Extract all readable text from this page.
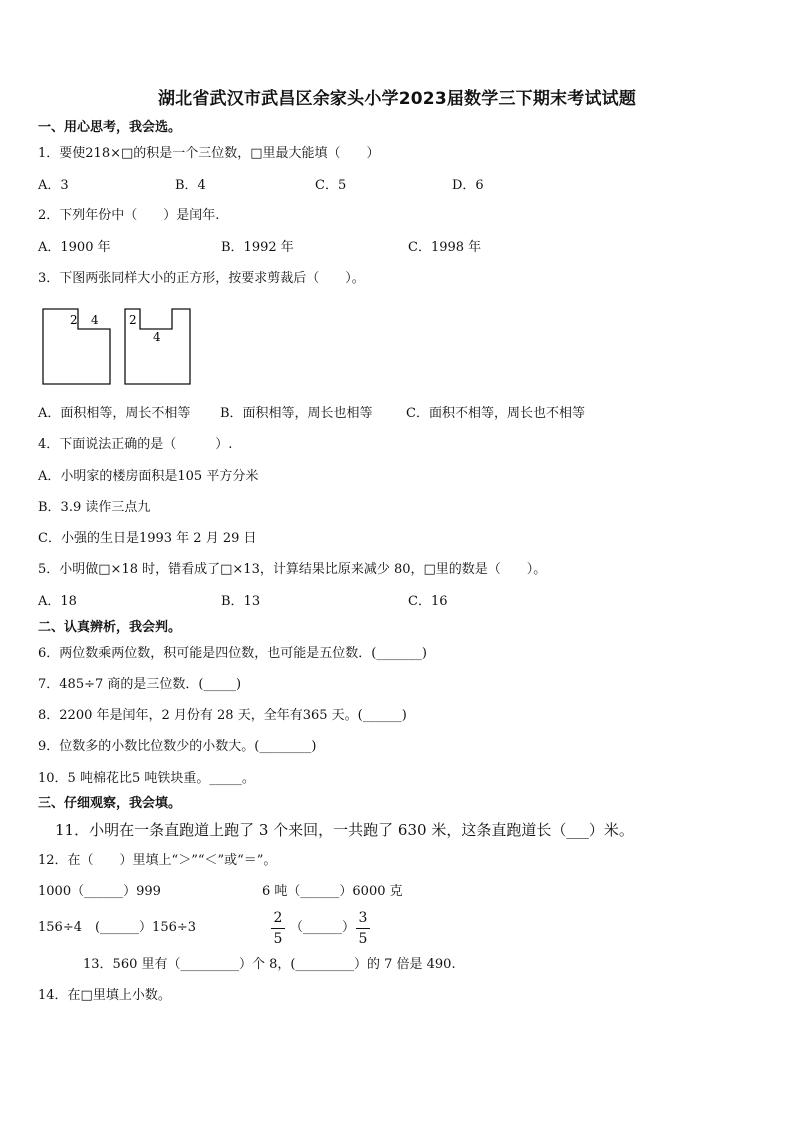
湖北省武汉市武昌区余家头小学2023届数学三下期末考试试题
一、用心思考，我会选。
1．要使218×□的积是一个三位数，□里最大能填（　　）
A．3	B．4	C．5	D．6
2．下列年份中（　　）是闰年.
A．1900 年	B．1992 年	C．1998 年
3．下图两张同样大小的正方形，按要求剪裁后（　　）。
2 4	2
4
A．面积相等，周长不相等 B．面积相等，周长也相等	C．面积不相等，周长也不相等
4．下面说法正确的是（　　　）.
A．小明家的楼房面积是105 平方分米
B．3.9 读作三点九
C．小强的生日是1993 年 2 月 29 日
5．小明做□×18 时，错看成了□×13，计算结果比原来减少 80，□里的数是（　　）。
A．18	B．13	C．16
二、认真辨析，我会判。
6．两位数乘两位数，积可能是四位数，也可能是五位数．(_______)
7．485÷7 商的是三位数．(_____)
8．2200 年是闰年，2 月份有 28 天，全年有365 天。(______)
9．位数多的小数比位数少的小数大。(________)
10．5 吨棉花比5 吨铁块重。_____。
三、仔细观察，我会填。
11．小明在一条直跑道上跑了 3 个来回，一共跑了 630 米，这条直跑道长（___）米。
12．在（　　）里填上“＞”“＜”或“＝”。
1000（______）999	6 吨（______）6000 克
156÷4　(______）156÷3
2
5
（______）
3
5
13．560 里有（_________）个 8，(_________）的 7 倍是 490.
14．在□里填上小数。
